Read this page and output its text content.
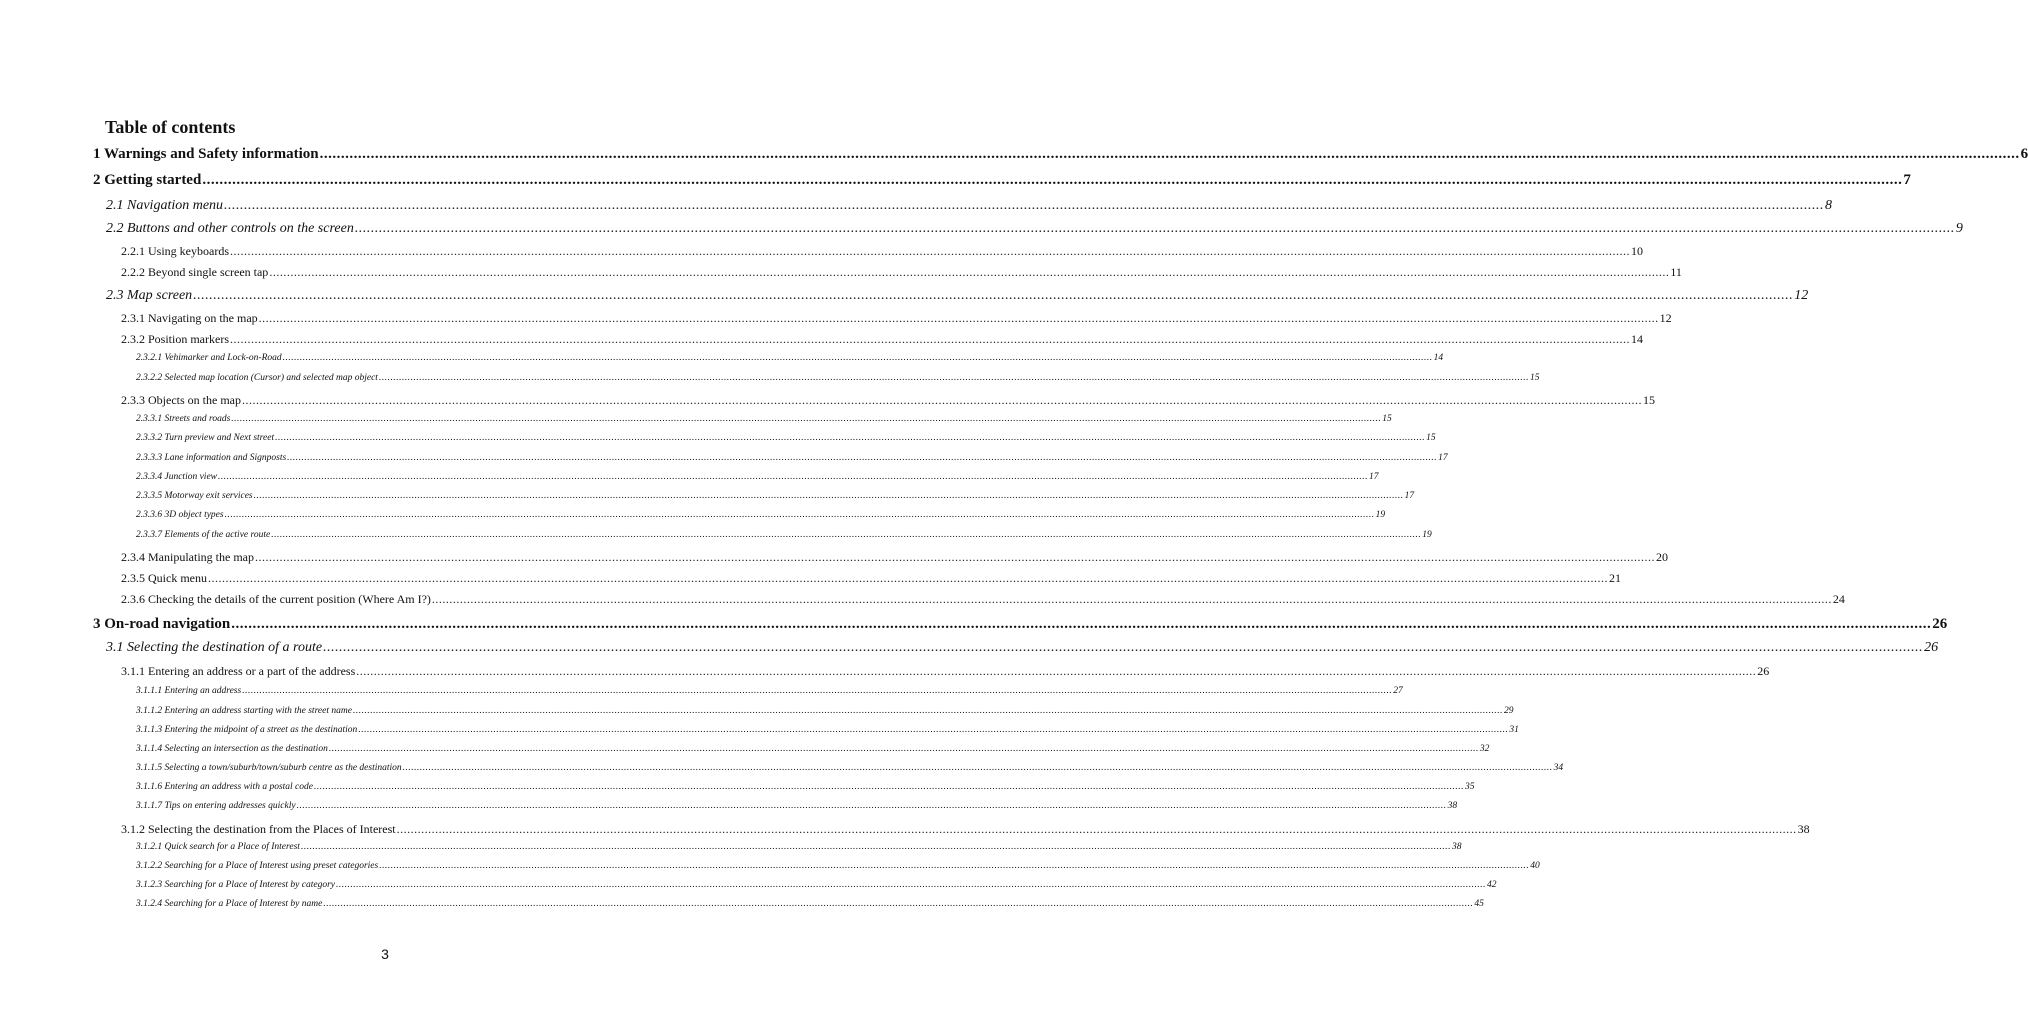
Table of contents
1 Warnings and Safety information ................................................................................................................................................................................................................................................................................................................................................................................................................ 6
2 Getting started ................................................................................................................................................................................................................................................................................................................................................................................................................ 7
2.1 Navigation menu ................................................................................................................................................................................................................................................................................................................................................................................................................ 8
2.2 Buttons and other controls on the screen ................................................................................................................................................................................................................................................................................................................................................................................................................ 9
2.2.1 Using keyboards ................................................................................................................................................................................................................................................................................................................................................................................................................ 10
2.2.2 Beyond single screen tap ................................................................................................................................................................................................................................................................................................................................................................................................................ 11
2.3 Map screen ................................................................................................................................................................................................................................................................................................................................................................................................................ 12
2.3.1 Navigating on the map ................................................................................................................................................................................................................................................................................................................................................................................................................ 12
2.3.2 Position markers ................................................................................................................................................................................................................................................................................................................................................................................................................ 14
2.3.2.1 Vehimarker and Lock-on-Road ................................................................................................................................................................................................................................................................................................................................................................................................................ 14
2.3.2.2 Selected map location (Cursor) and selected map object ................................................................................................................................................................................................................................................................................................................................................................................................................ 15
2.3.3 Objects on the map ................................................................................................................................................................................................................................................................................................................................................................................................................ 15
2.3.3.1 Streets and roads ................................................................................................................................................................................................................................................................................................................................................................................................................ 15
2.3.3.2 Turn preview and Next street ................................................................................................................................................................................................................................................................................................................................................................................................................ 15
2.3.3.3 Lane information and Signposts ................................................................................................................................................................................................................................................................................................................................................................................................................ 17
2.3.3.4 Junction view ................................................................................................................................................................................................................................................................................................................................................................................................................ 17
2.3.3.5 Motorway exit services ................................................................................................................................................................................................................................................................................................................................................................................................................ 17
2.3.3.6 3D object types ................................................................................................................................................................................................................................................................................................................................................................................................................ 19
2.3.3.7 Elements of the active route ................................................................................................................................................................................................................................................................................................................................................................................................................ 19
2.3.4 Manipulating the map ................................................................................................................................................................................................................................................................................................................................................................................................................ 20
2.3.5 Quick menu ................................................................................................................................................................................................................................................................................................................................................................................................................ 21
2.3.6 Checking the details of the current position (Where Am I?) ................................................................................................................................................................................................................................................................................................................................................................................................................ 24
3 On-road navigation ................................................................................................................................................................................................................................................................................................................................................................................................................ 26
3.1 Selecting the destination of a route ................................................................................................................................................................................................................................................................................................................................................................................................................ 26
3.1.1 Entering an address or a part of the address ................................................................................................................................................................................................................................................................................................................................................................................................................ 26
3.1.1.1 Entering an address ................................................................................................................................................................................................................................................................................................................................................................................................................ 27
3.1.1.2 Entering an address starting with the street name ................................................................................................................................................................................................................................................................................................................................................................................................................ 29
3.1.1.3 Entering the midpoint of a street as the destination ................................................................................................................................................................................................................................................................................................................................................................................................................ 31
3.1.1.4 Selecting an intersection as the destination ................................................................................................................................................................................................................................................................................................................................................................................................................ 32
3.1.1.5 Selecting a town/suburb/town/suburb centre as the destination ................................................................................................................................................................................................................................................................................................................................................................................................................ 34
3.1.1.6 Entering an address with a postal code ................................................................................................................................................................................................................................................................................................................................................................................................................ 35
3.1.1.7 Tips on entering addresses quickly ................................................................................................................................................................................................................................................................................................................................................................................................................ 38
3.1.2 Selecting the destination from the Places of Interest ................................................................................................................................................................................................................................................................................................................................................................................................................ 38
3.1.2.1 Quick search for a Place of Interest ................................................................................................................................................................................................................................................................................................................................................................................................................ 38
3.1.2.2 Searching for a Place of Interest using preset categories ................................................................................................................................................................................................................................................................................................................................................................................................................ 40
3.1.2.3 Searching for a Place of Interest by category ................................................................................................................................................................................................................................................................................................................................................................................................................ 42
3.1.2.4 Searching for a Place of Interest by name ................................................................................................................................................................................................................................................................................................................................................................................................................ 45
3
